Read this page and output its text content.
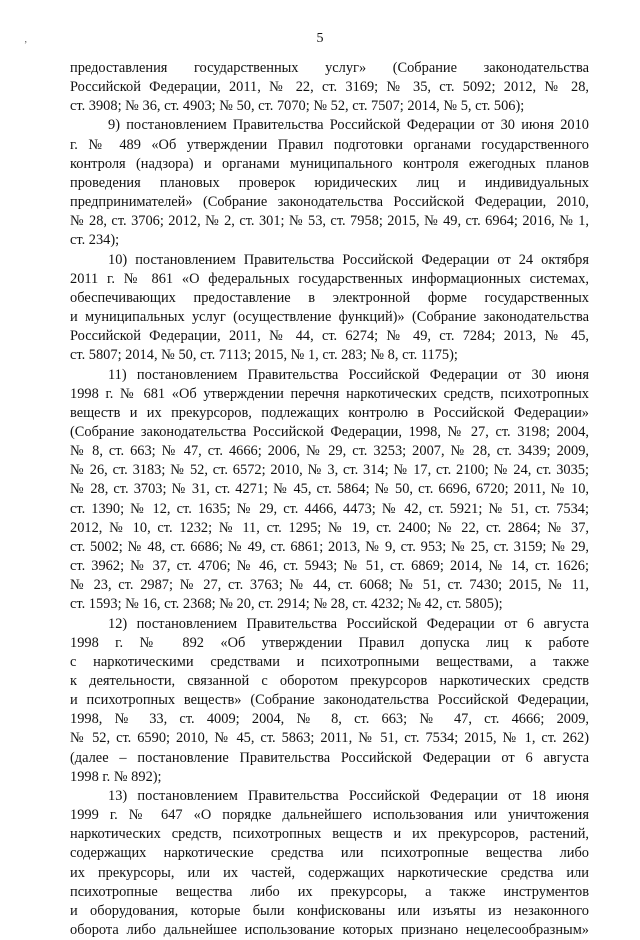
5
ʼ
предоставления государственных услуг» (Собрание законодательства
Российской Федерации, 2011, № 22, ст. 3169; № 35, ст. 5092; 2012, № 28,
ст. 3908; № 36, ст. 4903; № 50, ст. 7070; № 52, ст. 7507; 2014, № 5, ст. 506);
9) постановлением Правительства Российской Федерации от 30 июня 2010
г. № 489 «Об утверждении Правил подготовки органами государственного
контроля (надзора) и органами муниципального контроля ежегодных планов
проведения плановых проверок юридических лиц и индивидуальных
предпринимателей» (Собрание законодательства Российской Федерации, 2010,
№ 28, ст. 3706; 2012, № 2, ст. 301; № 53, ст. 7958; 2015, № 49, ст. 6964; 2016, № 1,
ст. 234);
10) постановлением Правительства Российской Федерации от 24 октября
2011 г. № 861 «О федеральных государственных информационных системах,
обеспечивающих предоставление в электронной форме государственных
и муниципальных услуг (осуществление функций)» (Собрание законодательства
Российской Федерации, 2011, № 44, ст. 6274; № 49, ст. 7284; 2013, № 45,
ст. 5807; 2014, № 50, ст. 7113; 2015, № 1, ст. 283; № 8, ст. 1175);
11) постановлением Правительства Российской Федерации от 30 июня
1998 г. № 681 «Об утверждении перечня наркотических средств, психотропных
веществ и их прекурсоров, подлежащих контролю в Российской Федерации»
(Собрание законодательства Российской Федерации, 1998, № 27, ст. 3198; 2004,
№ 8, ст. 663; № 47, ст. 4666; 2006, № 29, ст. 3253; 2007, № 28, ст. 3439; 2009,
№ 26, ст. 3183; № 52, ст. 6572; 2010, № 3, ст. 314; № 17, ст. 2100; № 24, ст. 3035;
№ 28, ст. 3703; № 31, ст. 4271; № 45, ст. 5864; № 50, ст. 6696, 6720; 2011, № 10,
ст. 1390; № 12, ст. 1635; № 29, ст. 4466, 4473; № 42, ст. 5921; № 51, ст. 7534;
2012, № 10, ст. 1232; № 11, ст. 1295; № 19, ст. 2400; № 22, ст. 2864; № 37,
ст. 5002; № 48, ст. 6686; № 49, ст. 6861; 2013, № 9, ст. 953; № 25, ст. 3159; № 29,
ст. 3962; № 37, ст. 4706; № 46, ст. 5943; № 51, ст. 6869; 2014, № 14, ст. 1626;
№ 23, ст. 2987; № 27, ст. 3763; № 44, ст. 6068; № 51, ст. 7430; 2015, № 11,
ст. 1593; № 16, ст. 2368; № 20, ст. 2914; № 28, ст. 4232; № 42, ст. 5805);
12) постановлением Правительства Российской Федерации от 6 августа
1998 г. № 892 «Об утверждении Правил допуска лиц к работе
с наркотическими средствами и психотропными веществами, а также
к деятельности, связанной с оборотом прекурсоров наркотических средств
и психотропных веществ» (Собрание законодательства Российской Федерации,
1998, № 33, ст. 4009; 2004, № 8, ст. 663; № 47, ст. 4666; 2009,
№ 52, ст. 6590; 2010, № 45, ст. 5863; 2011, № 51, ст. 7534; 2015, № 1, ст. 262)
(далее – постановление Правительства Российской Федерации от 6 августа
1998 г. № 892);
13) постановлением Правительства Российской Федерации от 18 июня
1999 г. № 647 «О порядке дальнейшего использования или уничтожения
наркотических средств, психотропных веществ и их прекурсоров, растений,
содержащих наркотические средства или психотропные вещества либо
их прекурсоры, или их частей, содержащих наркотические средства или
психотропные вещества либо их прекурсоры, а также инструментов
и оборудования, которые были конфискованы или изъяты из незаконного
оборота либо дальнейшее использование которых признано нецелесообразным»
